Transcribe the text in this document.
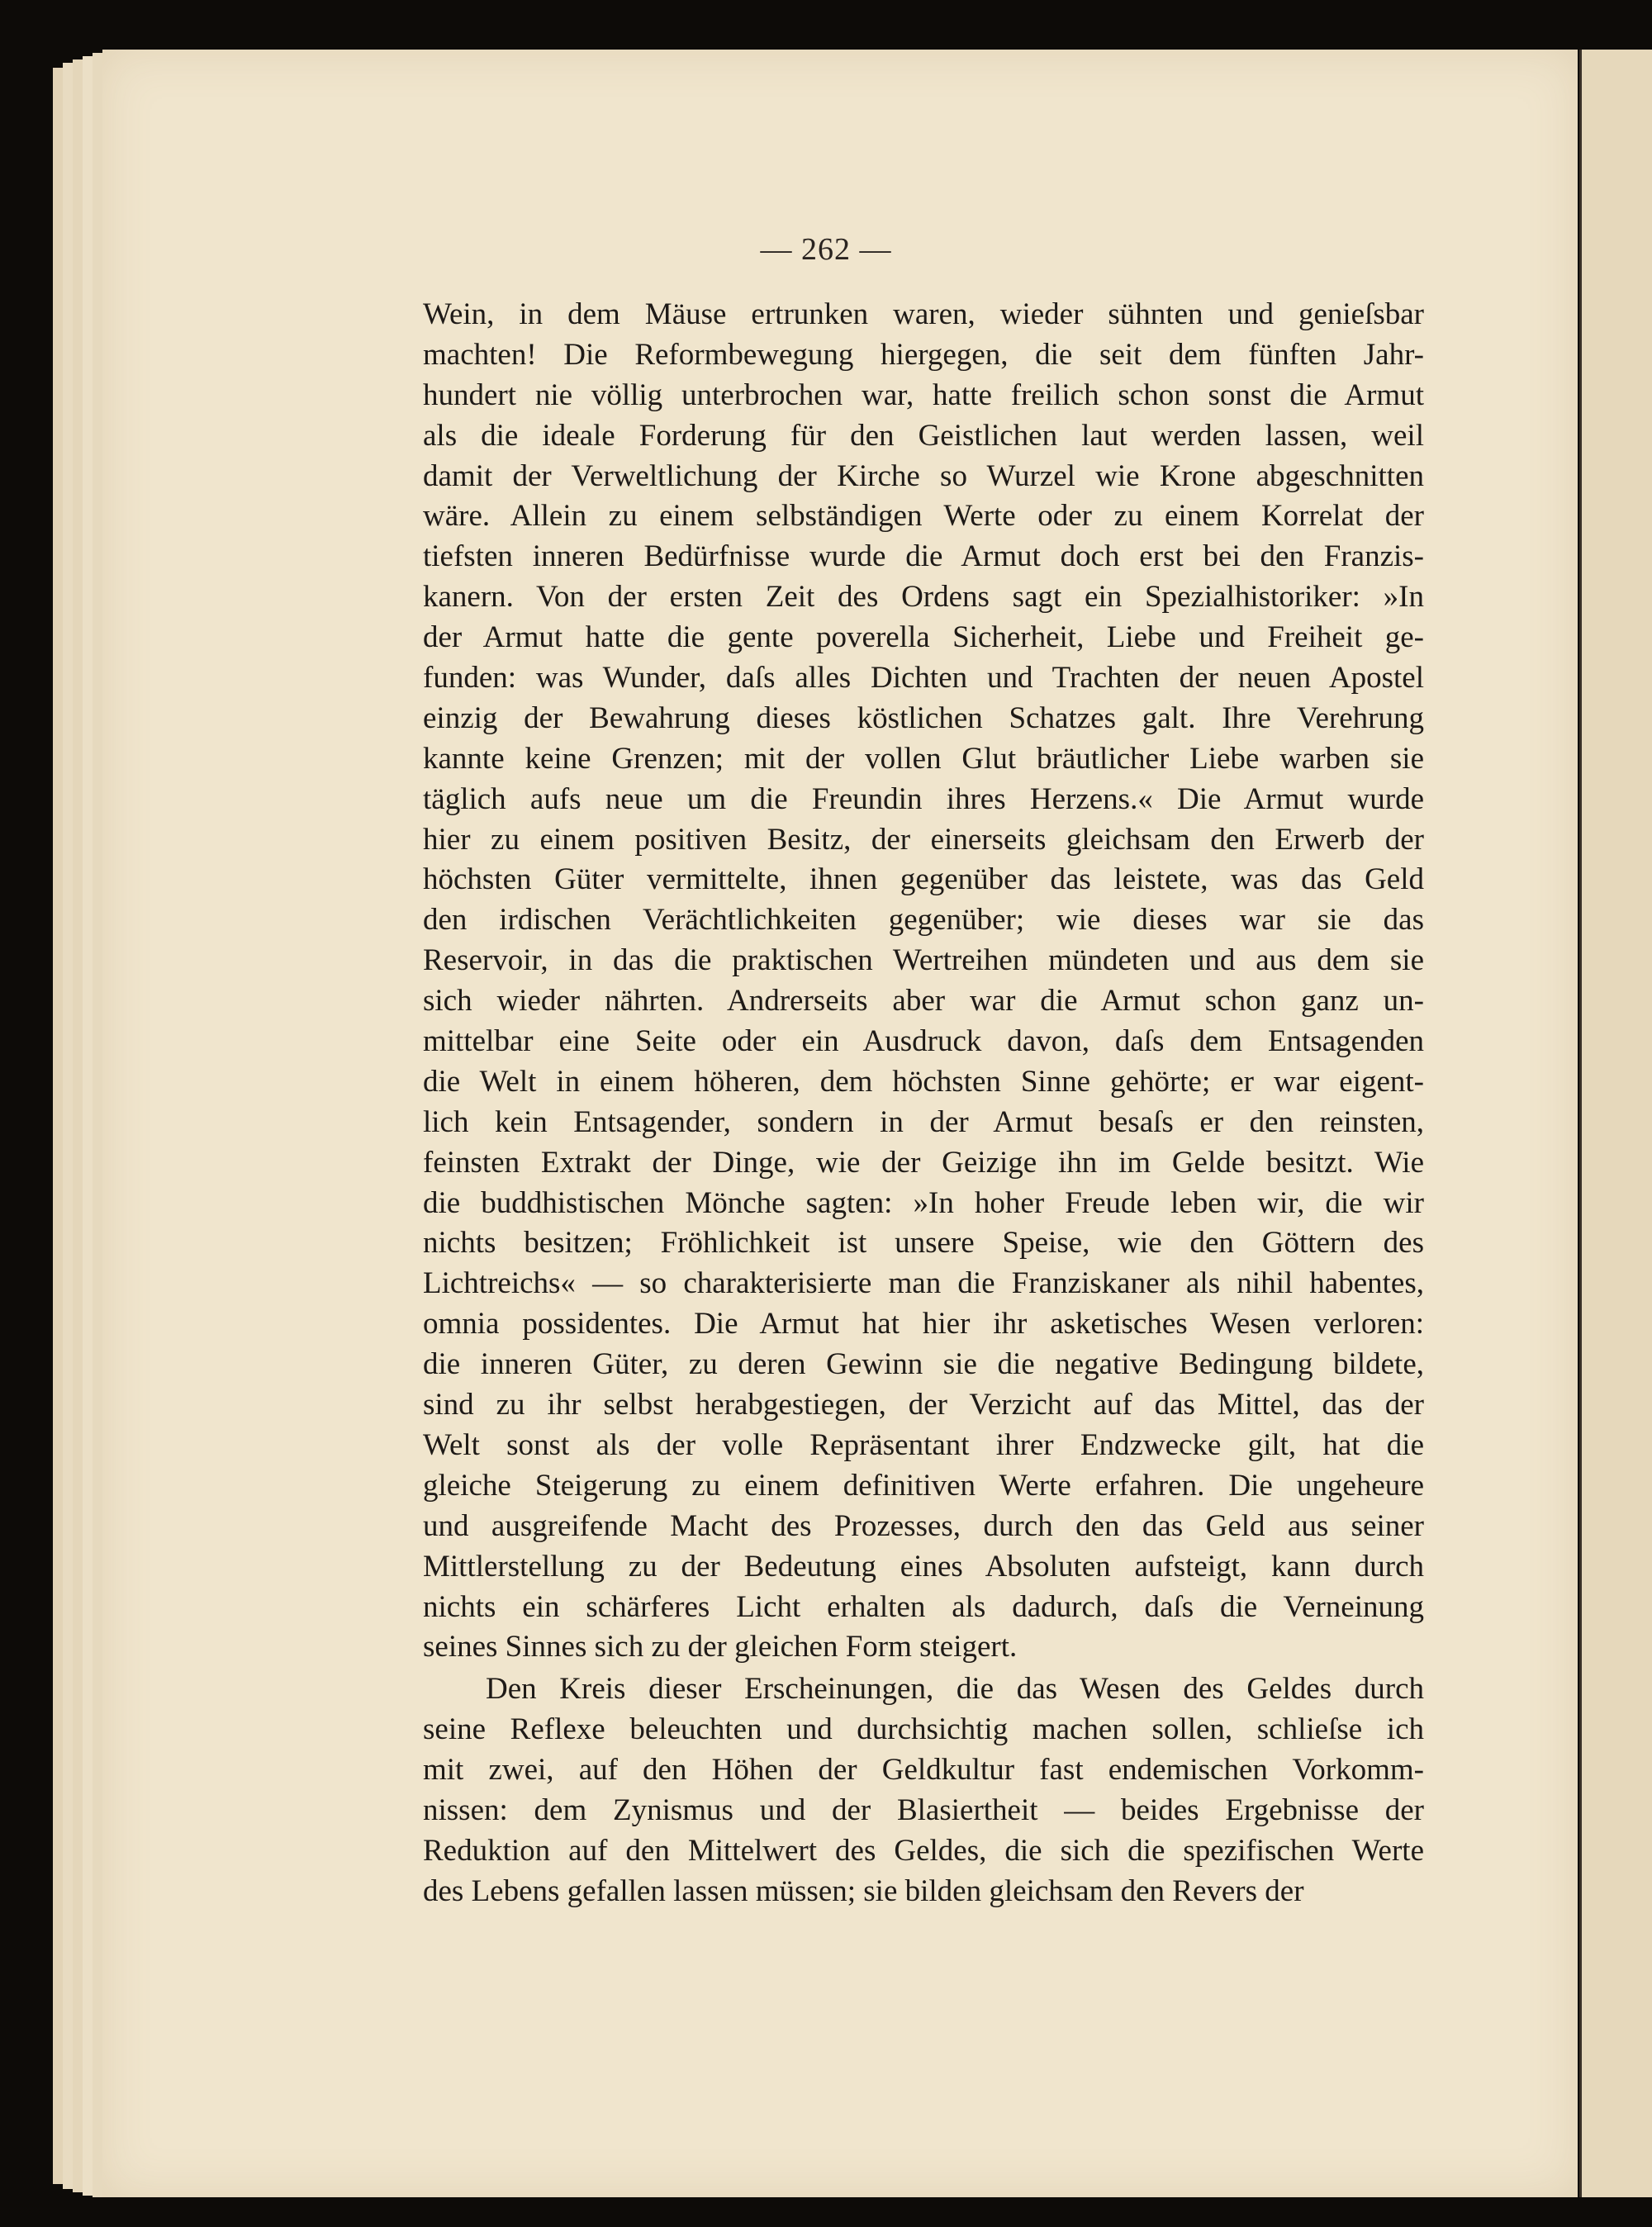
— 262 —
Wein, in dem Mäuse ertrunken waren, wieder sühnten und genieſsbar
machten! Die Reformbewegung hiergegen, die seit dem fünften Jahr-
hundert nie völlig unterbrochen war, hatte freilich schon sonst die Armut
als die ideale Forderung für den Geistlichen laut werden lassen, weil
damit der Verweltlichung der Kirche so Wurzel wie Krone abgeschnitten
wäre. Allein zu einem selbständigen Werte oder zu einem Korrelat der
tiefsten inneren Bedürfnisse wurde die Armut doch erst bei den Franzis-
kanern. Von der ersten Zeit des Ordens sagt ein Spezialhistoriker: »In
der Armut hatte die gente poverella Sicherheit, Liebe und Freiheit ge-
funden: was Wunder, daſs alles Dichten und Trachten der neuen Apostel
einzig der Bewahrung dieses köstlichen Schatzes galt. Ihre Verehrung
kannte keine Grenzen; mit der vollen Glut bräutlicher Liebe warben sie
täglich aufs neue um die Freundin ihres Herzens.« Die Armut wurde
hier zu einem positiven Besitz, der einerseits gleichsam den Erwerb der
höchsten Güter vermittelte, ihnen gegenüber das leistete, was das Geld
den irdischen Verächtlichkeiten gegenüber; wie dieses war sie das
Reservoir, in das die praktischen Wertreihen mündeten und aus dem sie
sich wieder nährten. Andrerseits aber war die Armut schon ganz un-
mittelbar eine Seite oder ein Ausdruck davon, daſs dem Entsagenden
die Welt in einem höheren, dem höchsten Sinne gehörte; er war eigent-
lich kein Entsagender, sondern in der Armut besaſs er den reinsten,
feinsten Extrakt der Dinge, wie der Geizige ihn im Gelde besitzt. Wie
die buddhistischen Mönche sagten: »In hoher Freude leben wir, die wir
nichts besitzen; Fröhlichkeit ist unsere Speise, wie den Göttern des
Lichtreichs« — so charakterisierte man die Franziskaner als nihil habentes,
omnia possidentes. Die Armut hat hier ihr asketisches Wesen verloren:
die inneren Güter, zu deren Gewinn sie die negative Bedingung bildete,
sind zu ihr selbst herabgestiegen, der Verzicht auf das Mittel, das der
Welt sonst als der volle Repräsentant ihrer Endzwecke gilt, hat die
gleiche Steigerung zu einem definitiven Werte erfahren. Die ungeheure
und ausgreifende Macht des Prozesses, durch den das Geld aus seiner
Mittlerstellung zu der Bedeutung eines Absoluten aufsteigt, kann durch
nichts ein schärferes Licht erhalten als dadurch, daſs die Verneinung
seines Sinnes sich zu der gleichen Form steigert.
Den Kreis dieser Erscheinungen, die das Wesen des Geldes durch
seine Reflexe beleuchten und durchsichtig machen sollen, schlieſse ich
mit zwei, auf den Höhen der Geldkultur fast endemischen Vorkomm-
nissen: dem Zynismus und der Blasiertheit — beides Ergebnisse der
Reduktion auf den Mittelwert des Geldes, die sich die spezifischen Werte
des Lebens gefallen lassen müssen; sie bilden gleichsam den Revers der
